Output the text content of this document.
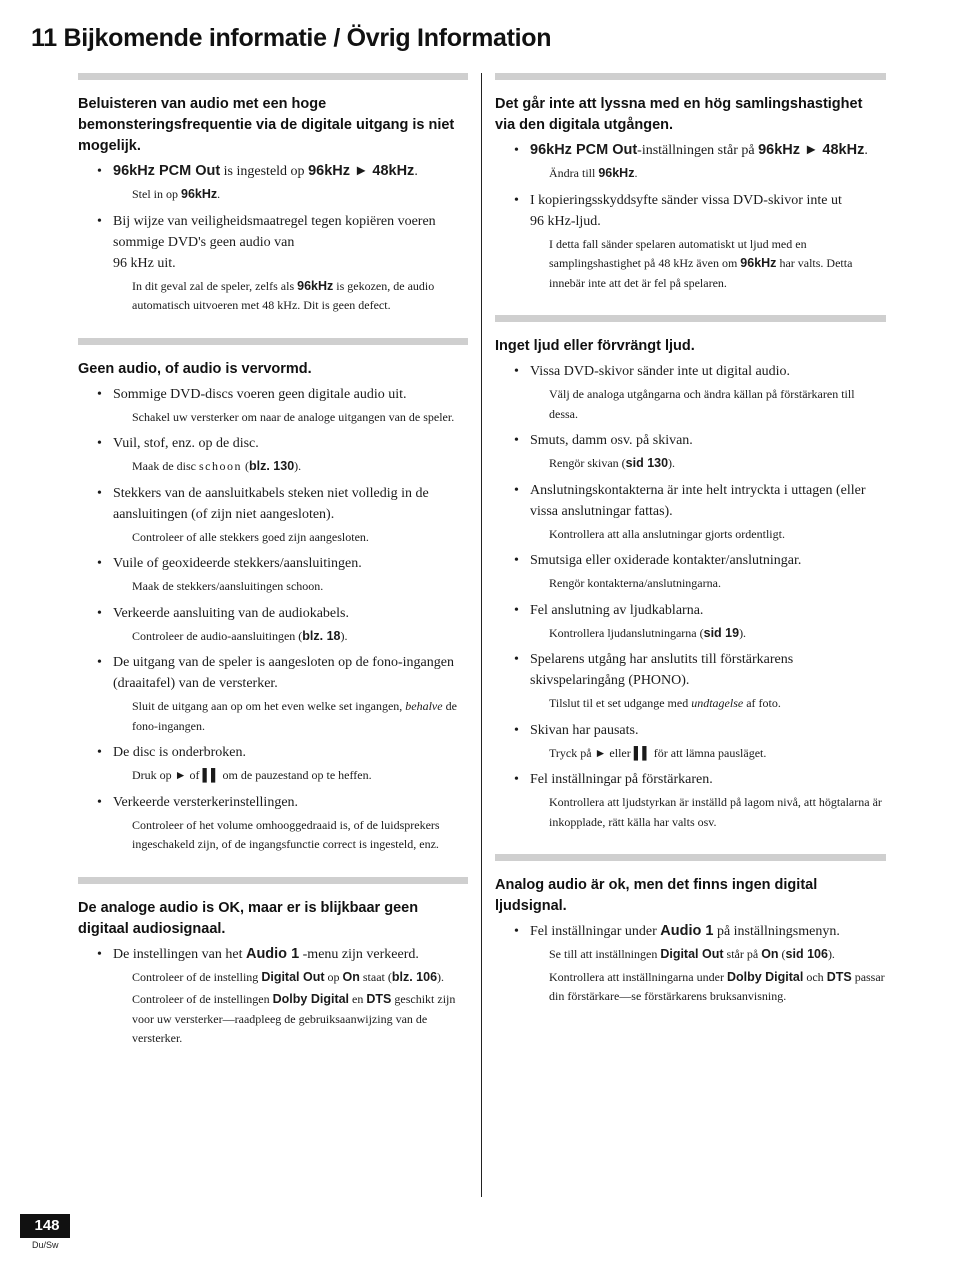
11 Bijkomende informatie / Övrig Information

Beluisteren van audio met een hoge bemonsteringsfrequentie via de digitale uitgang is niet mogelijk.

• 96kHz PCM Out is ingesteld op 96kHz ► 48kHz.
Stel in op 96kHz.
• Bij wijze van veiligheidsmaatregel tegen kopiëren voeren
sommige DVD's geen audio van
96 kHz uit.
In dit geval zal de speler, zelfs als 96kHz is gekozen, de audio automatisch uitvoeren met 48 kHz. Dit is geen defect.

Geen audio, of audio is vervormd.

• Sommige DVD-discs voeren geen digitale audio uit.
Schakel uw versterker om naar de analoge uitgangen van de speler.
• Vuil, stof, enz. op de disc.
Maak de disc schoon (blz. 130).
• Stekkers van de aansluitkabels steken niet volledig in de aansluitingen (of zijn niet aangesloten).
Controleer of alle stekkers goed zijn aangesloten.
• Vuile of geoxideerde stekkers/aansluitingen.
Maak de stekkers/aansluitingen schoon.
• Verkeerde aansluiting van de audiokabels.
Controleer de audio-aansluitingen (blz. 18).
• De uitgang van de speler is aangesloten op de fono-ingangen (draaitafel) van de versterker.
Sluit de uitgang aan op om het even welke set ingangen, behalve de fono-ingangen.
• De disc is onderbroken.
Druk op ► of ▌▌ om de pauzestand op te heffen.
• Verkeerde versterkerinstellingen.
Controleer of het volume omhooggedraaid is, of de luidsprekers ingeschakeld zijn, of de ingangsfunctie correct is ingesteld, enz.

De analoge audio is OK, maar er is blijkbaar geen digitaal audiosignaal.

• De instellingen van het Audio 1 -menu zijn verkeerd.
Controleer of de instelling Digital Out op On staat (blz. 106).
Controleer of de instellingen Dolby Digital en DTS geschikt zijn voor uw versterker—raadpleeg de gebruiksaanwijzing van de versterker.

Det går inte att lyssna med en hög samlingshastighet via den digitala utgången.

• 96kHz PCM Out-inställningen står på 96kHz ► 48kHz.
Ändra till 96kHz.
• I kopieringsskyddsyfte sänder vissa DVD-skivor inte ut
96 kHz-ljud.
I detta fall sänder spelaren automatiskt ut ljud med en samplingshastighet på 48 kHz även om 96kHz har valts. Detta innebär inte att det är fel på spelaren.

Inget ljud eller förvrängt ljud.

• Vissa DVD-skivor sänder inte ut digital audio.
Välj de analoga utgångarna och ändra källan på förstärkaren till dessa.
• Smuts, damm osv. på skivan.
Rengör skivan (sid 130).
• Anslutningskontakterna är inte helt intryckta i uttagen (eller vissa anslutningar fattas).
Kontrollera att alla anslutningar gjorts ordentligt.
• Smutsiga eller oxiderade kontakter/anslutningar.
Rengör kontakterna/anslutningarna.
• Fel anslutning av ljudkablarna.
Kontrollera ljudanslutningarna (sid 19).
• Spelarens utgång har anslutits till förstärkarens skivspelaringång (PHONO).
Tilslut til et set udgange med undtagelse af foto.
• Skivan har pausats.
Tryck på ► eller ▌▌ för att lämna pausläget.
• Fel inställningar på förstärkaren.
Kontrollera att ljudstyrkan är inställd på lagom nivå, att högtalarna är inkopplade, rätt källa har valts osv.

Analog audio är ok, men det finns ingen digital ljudsignal.

• Fel inställningar under Audio 1 på inställningsmenyn.
Se till att inställningen Digital Out står på On (sid 106).
Kontrollera att inställningarna under Dolby Digital och DTS passar din förstärkare—se förstärkarens bruksanvisning.
148
Du/Sw
